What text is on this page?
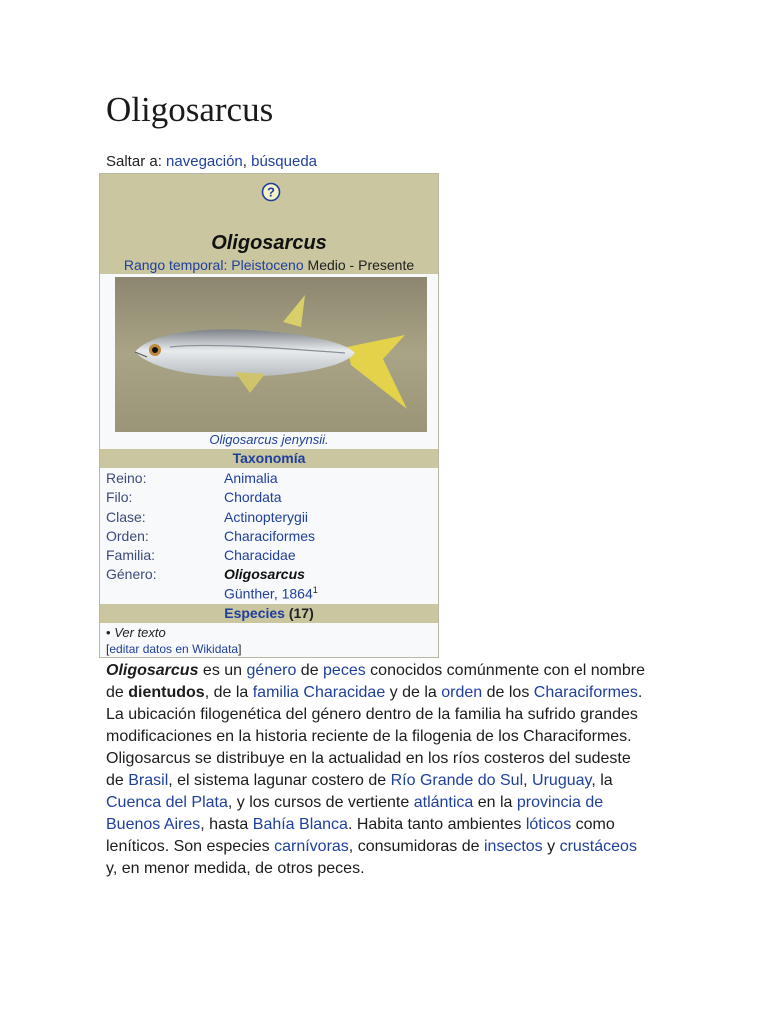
Oligosarcus
Saltar a: navegación, búsqueda
?
Oligosarcus
Rango temporal: Pleistoceno Medio - Presente
Oligosarcus jenynsii.
Taxonomía
Reino:	Animalia
Filo:	Chordata
Clase:	Actinopterygii
Orden:	Characiformes
Familia:	Characidae
Género:	Oligosarcus
Günther, 1864$^1$
Especies (17)
• Ver texto
[editar datos en Wikidata]

Oligosarcus es un género de peces conocidos comúnmente con el nombre de dientudos, de la familia Characidae y de la orden de los Characiformes. La ubicación filogenética del género dentro de la familia ha sufrido grandes modificaciones en la historia reciente de la filogenia de los Characiformes.

Oligosarcus se distribuye en la actualidad en los ríos costeros del sudeste de Brasil, el sistema lagunar costero de Río Grande do Sul, Uruguay, la Cuenca del Plata, y los cursos de vertiente atlántica en la provincia de Buenos Aires, hasta Bahía Blanca. Habita tanto ambientes lóticos como leníticos. Son especies carnívoras, consumidoras de insectos y crustáceos y, en menor medida, de otros peces.
